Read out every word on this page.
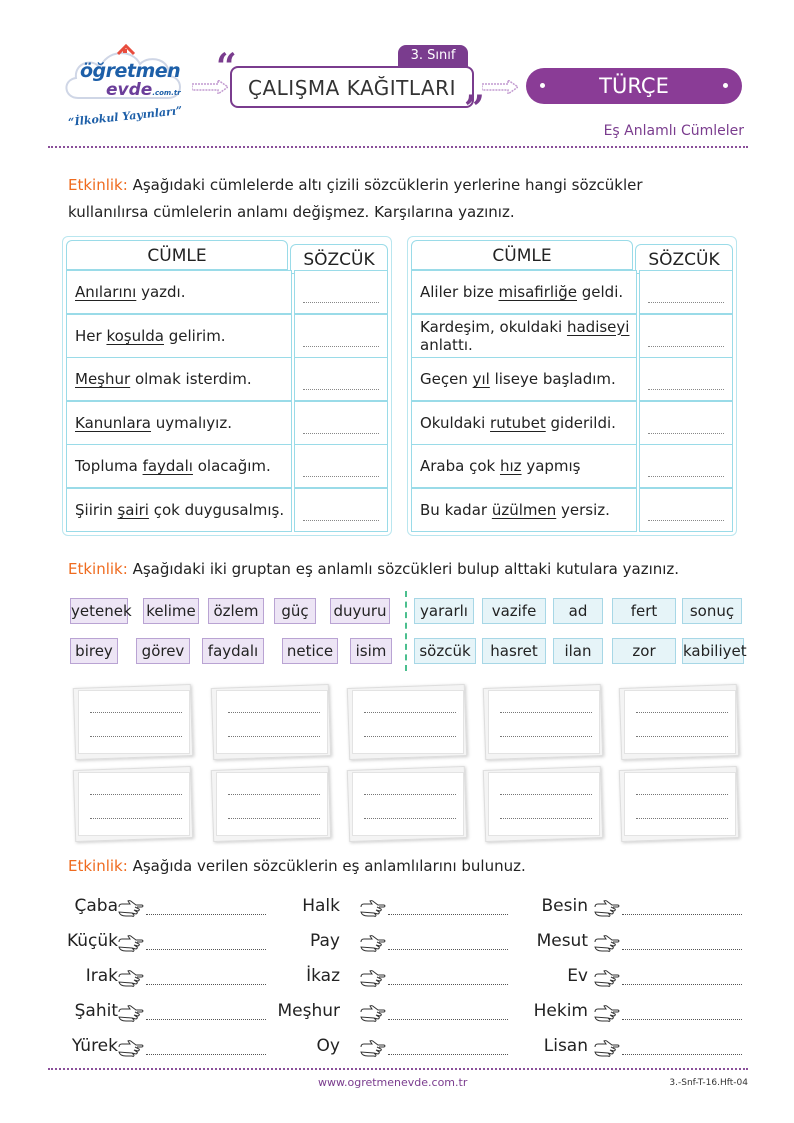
öğretmen
evde.com.tr
“İlkokul Yayınları”
3. Sınıf
“ ÇALIŞMA KAĞITLARI ”
TÜRÇE
Eş Anlamlı Cümleler
Etkinlik: Aşağıdaki cümlelerde altı çizili sözcüklerin yerlerine hangi sözcükler
kullanılırsa cümlelerin anlamı değişmez. Karşılarına yazınız.
CÜMLE	SÖZCÜK
Anılarını yazdı.
Her koşulda gelirim.
Meşhur olmak isterdim.
Kanunlara uymalıyız.
Topluma faydalı olacağım.
Şiirin şairi çok duygusalmış.
CÜMLE	SÖZCÜK
Aliler bize misafirliğe geldi.
Kardeşim, okuldaki hadiseyi anlattı.
Geçen yıl liseye başladım.
Okuldaki rutubet giderildi.
Araba çok hız yapmış
Bu kadar üzülmen yersiz.
Etkinlik: Aşağıdaki iki gruptan eş anlamlı sözcükleri bulup alttaki kutulara yazınız.
yetenek kelime	özlem	güç	duyuru
birey	görev	faydalı	netice	isim
yararlı	vazife	ad	fert	sonuç
sözcük	hasret	ilan	zor	kabiliyet
Etkinlik: Aşağıda verilen sözcüklerin eş anlamlılarını bulunuz.
Çaba
Küçük
Irak
Şahit
Yürek
Halk
Pay
İkaz
Meşhur
Oy
Besin
Mesut
Ev
Hekim
Lisan
www.ogretmenevde.com.tr	3.-Snf-T-16.Hft-04
